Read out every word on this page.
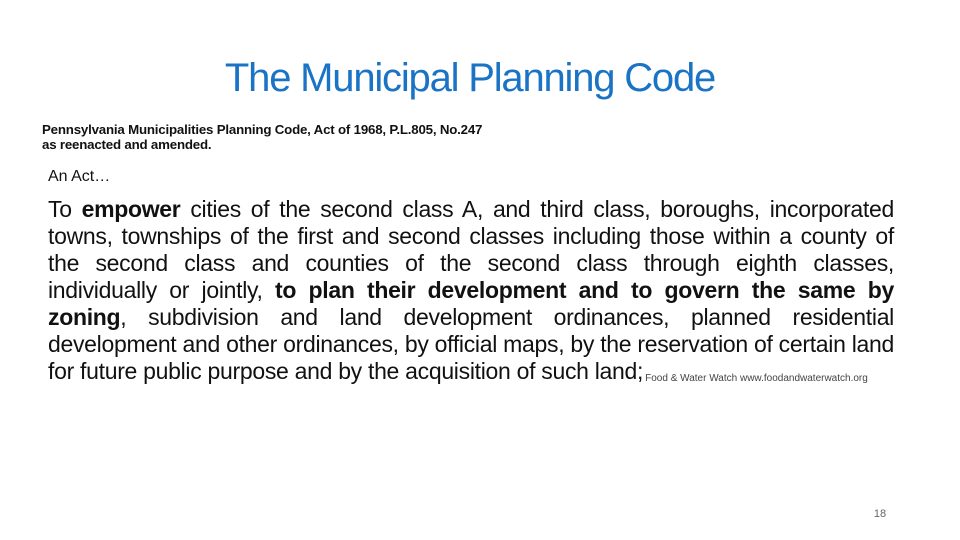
The Municipal Planning Code
Pennsylvania Municipalities Planning Code, Act of 1968, P.L.805, No.247
as reenacted and amended.
An Act…
To empower cities of the second class A, and third class, boroughs, incorporated towns, townships of the first and second classes including those within a county of the second class and counties of the second class through eighth classes, individually or jointly, to plan their development and to govern the same by zoning, subdivision and land development ordinances, planned residential development and other ordinances, by official maps, by the reservation of certain land for future public purpose and by the acquisition of such land; Food & Water Watch www.foodandwaterwatch.org
18
